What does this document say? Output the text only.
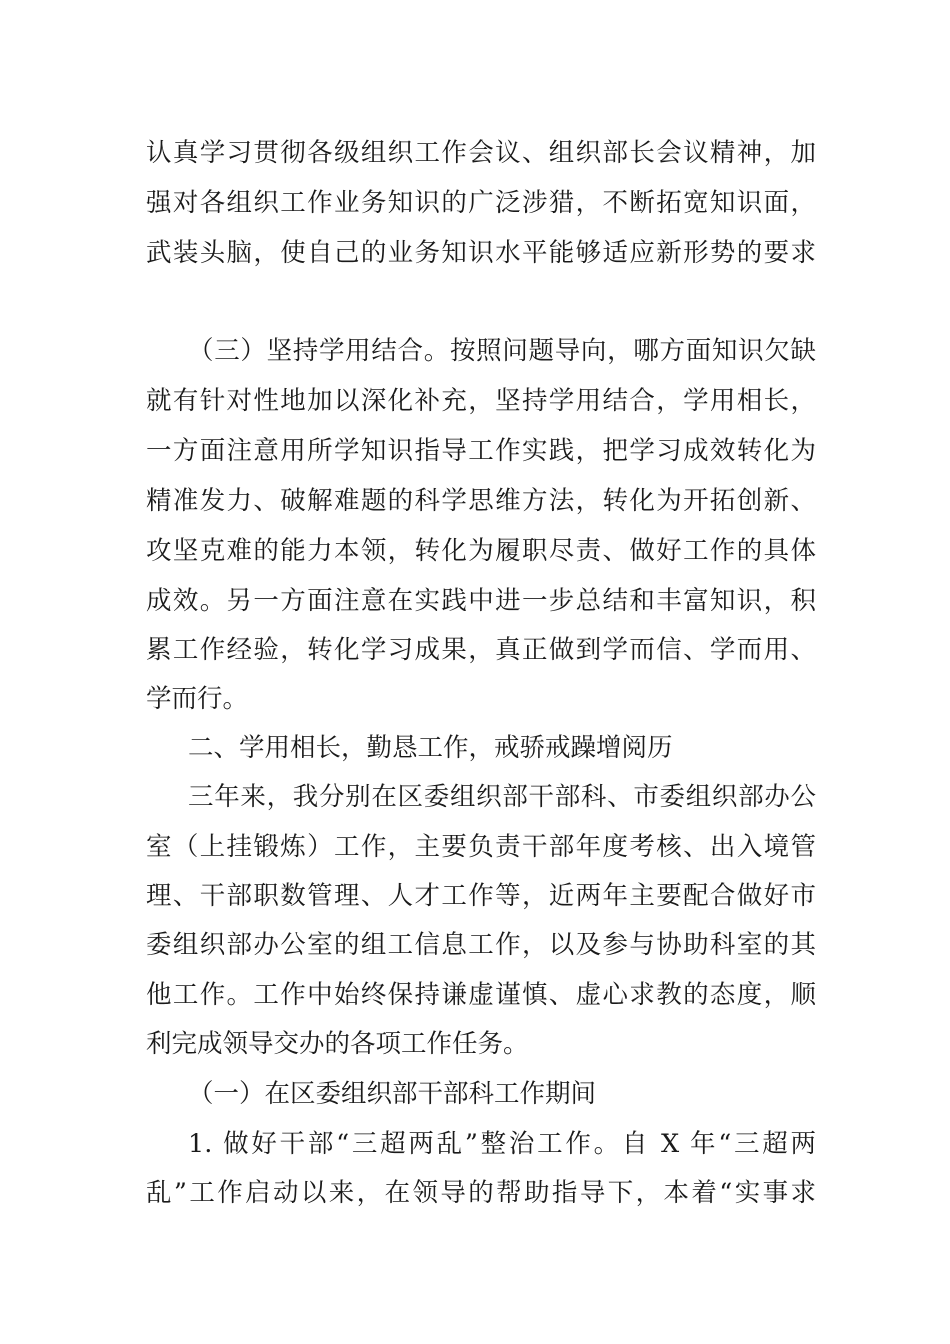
认真学习贯彻各级组织工作会议、组织部长会议精神，加
强对各组织工作业务知识的广泛涉猎，不断拓宽知识面，
武装头脑，使自己的业务知识水平能够适应新形势的要求
（三）坚持学用结合。按照问题导向，哪方面知识欠缺
就有针对性地加以深化补充，坚持学用结合，学用相长，
一方面注意用所学知识指导工作实践，把学习成效转化为
精准发力、破解难题的科学思维方法，转化为开拓创新、
攻坚克难的能力本领，转化为履职尽责、做好工作的具体
成效。另一方面注意在实践中进一步总结和丰富知识，积
累工作经验，转化学习成果，真正做到学而信、学而用、
学而行。
二、学用相长，勤恳工作，戒骄戒躁增阅历
三年来，我分别在区委组织部干部科、市委组织部办公
室（上挂锻炼）工作，主要负责干部年度考核、出入境管
理、干部职数管理、人才工作等，近两年主要配合做好市
委组织部办公室的组工信息工作，以及参与协助科室的其
他工作。工作中始终保持谦虚谨慎、虚心求教的态度，顺
利完成领导交办的各项工作任务。
（一）在区委组织部干部科工作期间
1. 做好干部“三超两乱”整治工作。自 X 年“三超两
乱”工作启动以来，在领导的帮助指导下，本着“实事求
